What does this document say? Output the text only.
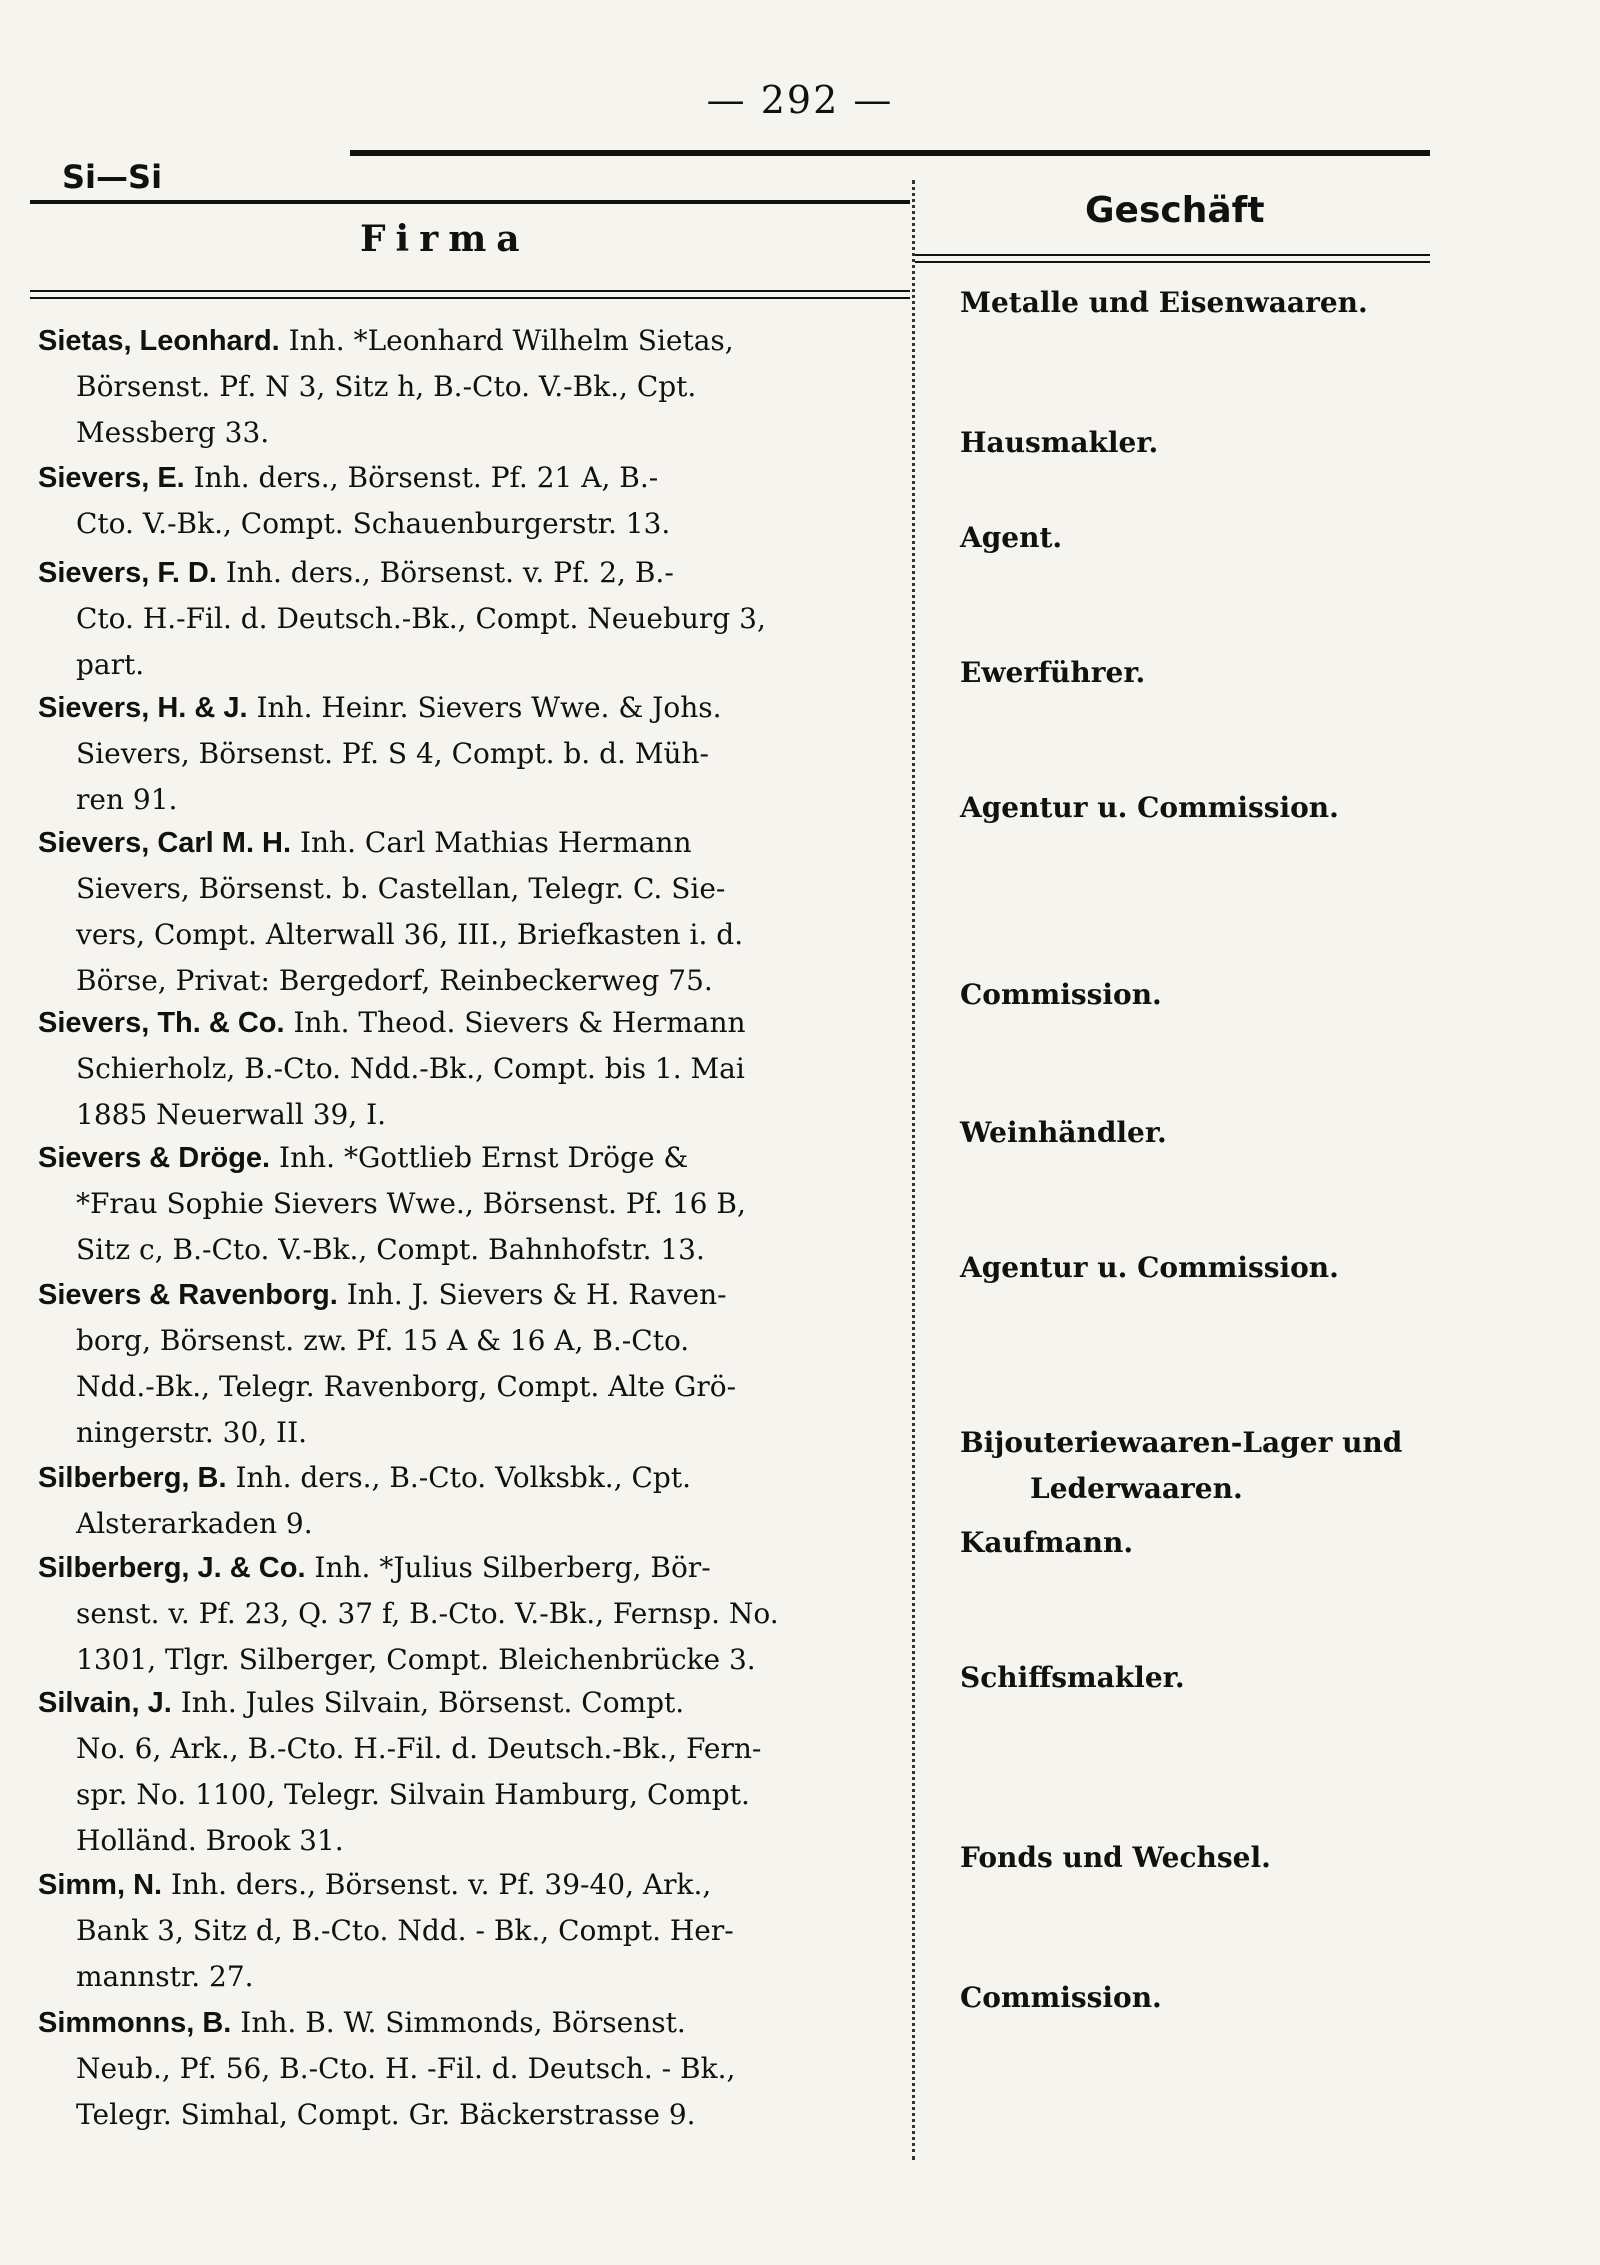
— 292 —
Si—Si
Firma
Geschäft
Sietas, Leonhard. Inh. *Leonhard Wilhelm Sietas,
Börsenst. Pf. N 3, Sitz h, B.-Cto. V.-Bk., Cpt.
Messberg 33.
Metalle und Eisenwaaren.
Sievers, E. Inh. ders., Börsenst. Pf. 21 A, B.-
Cto. V.-Bk., Compt. Schauenburgerstr. 13.
Hausmakler.
Sievers, F. D. Inh. ders., Börsenst. v. Pf. 2, B.-
Cto. H.-Fil. d. Deutsch.-Bk., Compt. Neueburg 3,
part.
Agent.
Sievers, H. & J. Inh. Heinr. Sievers Wwe. & Johs.
Sievers, Börsenst. Pf. S 4, Compt. b. d. Müh-
ren 91.
Ewerführer.
Sievers, Carl M. H. Inh. Carl Mathias Hermann
Sievers, Börsenst. b. Castellan, Telegr. C. Sie-
vers, Compt. Alterwall 36, III., Briefkasten i. d.
Börse, Privat: Bergedorf, Reinbeckerweg 75.
Agentur u. Commission.
Sievers, Th. & Co. Inh. Theod. Sievers & Hermann
Schierholz, B.-Cto. Ndd.-Bk., Compt. bis 1. Mai
1885 Neuerwall 39, I.
Commission.
Sievers & Dröge. Inh. *Gottlieb Ernst Dröge &
*Frau Sophie Sievers Wwe., Börsenst. Pf. 16 B,
Sitz c, B.-Cto. V.-Bk., Compt. Bahnhofstr. 13.
Weinhändler.
Sievers & Ravenborg. Inh. J. Sievers & H. Raven-
borg, Börsenst. zw. Pf. 15 A & 16 A, B.-Cto.
Ndd.-Bk., Telegr. Ravenborg, Compt. Alte Grö-
ningerstr. 30, II.
Agentur u. Commission.
Silberberg, B. Inh. ders., B.-Cto. Volksbk., Cpt.
Alsterarkaden 9.
Bijouteriewaaren-Lager und
Lederwaaren.
Silberberg, J. & Co. Inh. *Julius Silberberg, Bör-
senst. v. Pf. 23, Q. 37 f, B.-Cto. V.-Bk., Fernsp. No.
1301, Tlgr. Silberger, Compt. Bleichenbrücke 3.
Kaufmann.
Silvain, J. Inh. Jules Silvain, Börsenst. Compt.
No. 6, Ark., B.-Cto. H.-Fil. d. Deutsch.-Bk., Fern-
spr. No. 1100, Telegr. Silvain Hamburg, Compt.
Holländ. Brook 31.
Schiffsmakler.
Simm, N. Inh. ders., Börsenst. v. Pf. 39-40, Ark.,
Bank 3, Sitz d, B.-Cto. Ndd. - Bk., Compt. Her-
mannstr. 27.
Fonds und Wechsel.
Simmonns, B. Inh. B. W. Simmonds, Börsenst.
Neub., Pf. 56, B.-Cto. H. -Fil. d. Deutsch. - Bk.,
Telegr. Simhal, Compt. Gr. Bäckerstrasse 9.
Commission.
